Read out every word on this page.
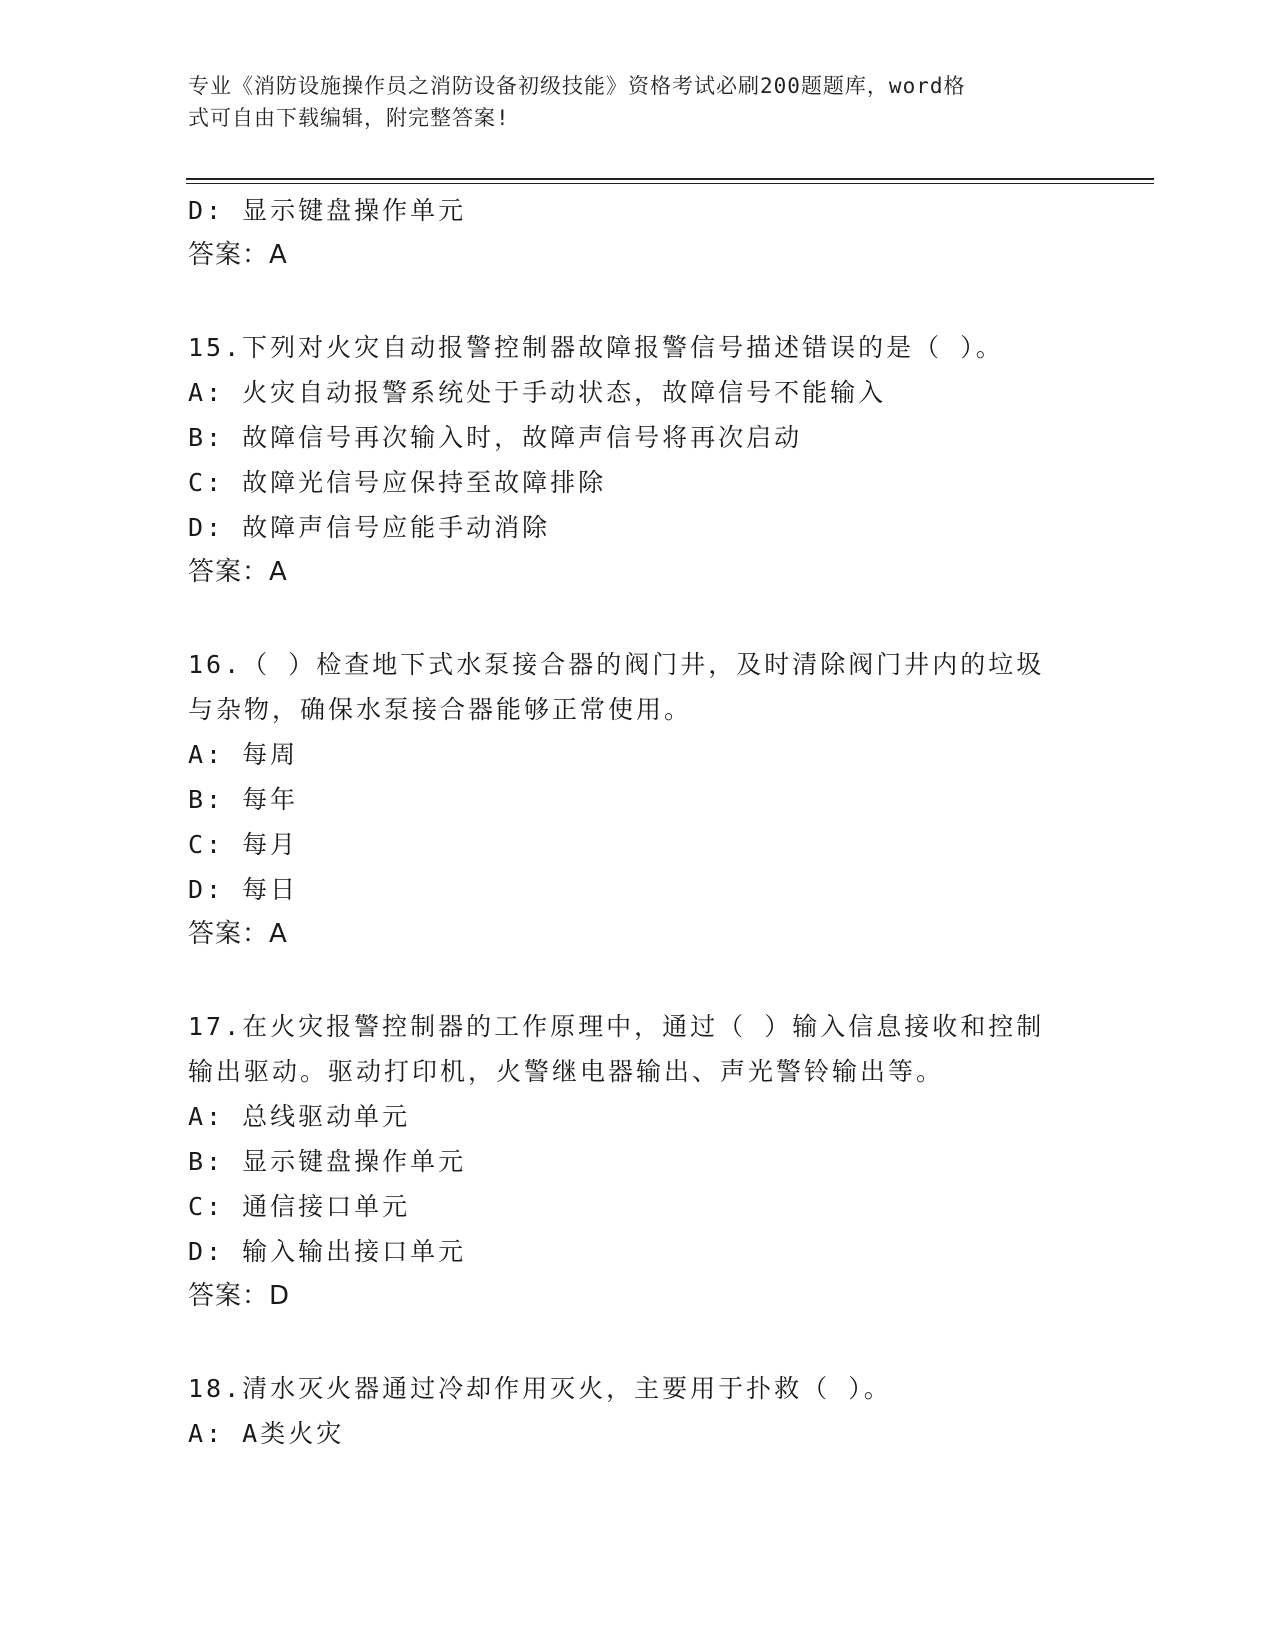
专业《消防设施操作员之消防设备初级技能》资格考试必刷200题题库，word格
式可自由下载编辑，附完整答案!
D: 显示键盘操作单元
答案：A
15.下列对火灾自动报警控制器故障报警信号描述错误的是（ ）。
A: 火灾自动报警系统处于手动状态，故障信号不能输入
B: 故障信号再次输入时，故障声信号将再次启动
C: 故障光信号应保持至故障排除
D: 故障声信号应能手动消除
答案：A
16.（ ）检查地下式水泵接合器的阀门井，及时清除阀门井内的垃圾
与杂物，确保水泵接合器能够正常使用。
A: 每周
B: 每年
C: 每月
D: 每日
答案：A
17.在火灾报警控制器的工作原理中，通过（ ）输入信息接收和控制
输出驱动。驱动打印机，火警继电器输出、声光警铃输出等。
A: 总线驱动单元
B: 显示键盘操作单元
C: 通信接口单元
D: 输入输出接口单元
答案：D
18.清水灭火器通过冷却作用灭火，主要用于扑救（ ）。
A: A类火灾
